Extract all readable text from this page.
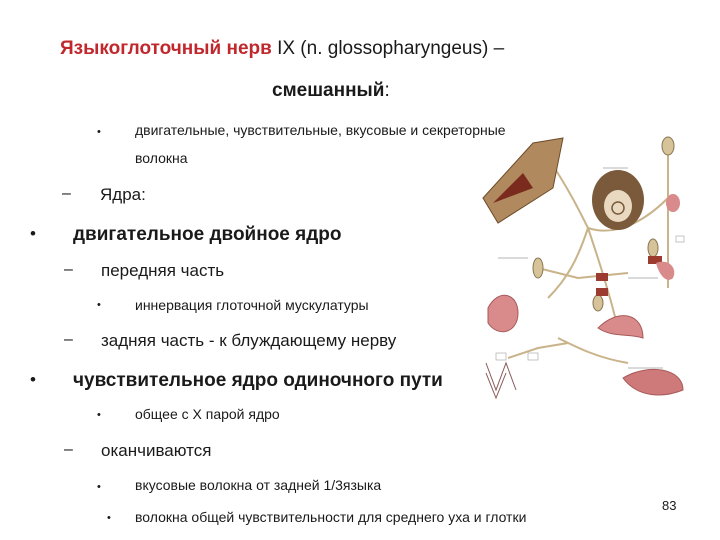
Языкоглоточный нерв IX (n. glossopharyngeus) –
смешанный:
• двигательные, чувствительные, вкусовые и секреторные
волокна
– Ядра:
• двигательное двойное ядро
– передняя часть
• иннервация глоточной мускулатуры
– задняя часть - к блуждающему нерву
• чувствительное ядро одиночного пути
• общее с Х парой ядро
– оканчиваются
• вкусовые волокна от задней 1/3языка
• волокна общей чувствительности для среднего уха и глотки
83
